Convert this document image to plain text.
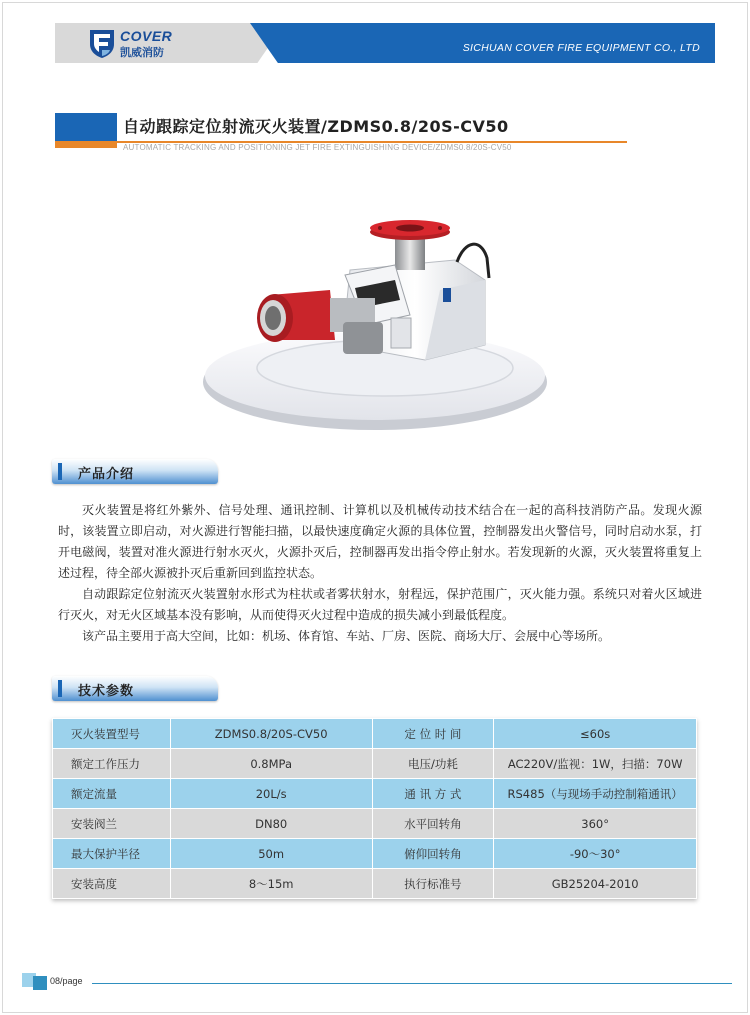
COVER
凯威消防	SICHUAN COVER FIRE EQUIPMENT CO., LTD
自动跟踪定位射流灭火装置/ZDMS0.8/20S-CV50
AUTOMATIC TRACKING AND POSITIONING JET FIRE EXTINGUISHING DEVICE/ZDMS0.8/20S-CV50
产品介绍

灭火装置是将红外紫外、信号处理、通讯控制、计算机以及机械传动技术结合在一起的高科技消防产品。发现火源时，该装置立即启动，对火源进行智能扫描，以最快速度确定火源的具体位置，控制器发出火警信号，同时启动水泵，打开电磁阀，装置对准火源进行射水灭火，火源扑灭后，控制器再发出指令停止射水。若发现新的火源，灭火装置将重复上述过程，待全部火源被扑灭后重新回到监控状态。

自动跟踪定位射流灭火装置射水形式为柱状或者雾状射水，射程远，保护范围广，灭火能力强。系统只对着火区域进行灭火，对无火区域基本没有影响，从而使得灭火过程中造成的损失减小到最低程度。

该产品主要用于高大空间，比如：机场、体育馆、车站、厂房、医院、商场大厅、会展中心等场所。

技术参数
灭火装置型号	ZDMS0.8/20S-CV50	定 位 时 间	≤60s
额定工作压力	0.8MPa	电压/功耗	AC220V/监视：1W，扫描：70W
额定流量	20L/s	通 讯 方 式	RS485（与现场手动控制箱通讯）
安装阀兰	DN80	水平回转角	360°
最大保护半径	50m	俯仰回转角	-90～30°
安装高度	8～15m	执行标准号	GB25204-2010
08/page
